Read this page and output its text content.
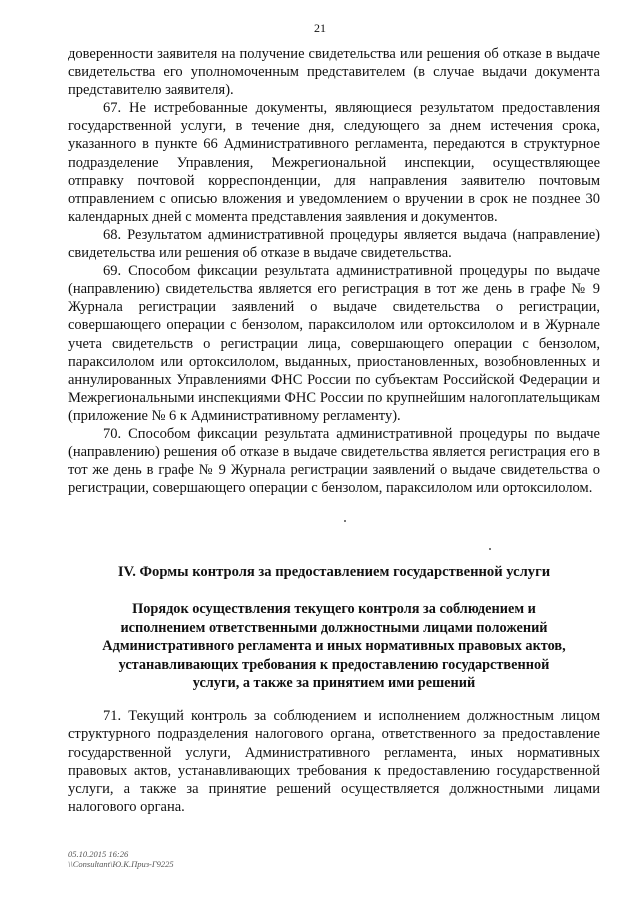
21

доверенности заявителя на получение свидетельства или решения об отказе в выдаче свидетельства его уполномоченным представителем (в случае выдачи документа представителю заявителя).

67. Не истребованные документы, являющиеся результатом предоставления государственной услуги, в течение дня, следующего за днем истечения срока, указанного в пункте 66 Административного регламента, передаются в структурное подразделение Управления, Межрегиональной инспекции, осуществляющее отправку почтовой корреспонденции, для направления заявителю почтовым отправлением с описью вложения и уведомлением о вручении в срок не позднее 30 календарных дней с момента представления заявления и документов.

68. Результатом административной процедуры является выдача (направление) свидетельства или решения об отказе в выдаче свидетельства.

69. Способом фиксации результата административной процедуры по выдаче (направлению) свидетельства является его регистрация в тот же день в графе № 9 Журнала регистрации заявлений о выдаче свидетельства о регистрации, совершающего операции с бензолом, параксилолом или ортоксилолом и в Журнале учета свидетельств о регистрации лица, совершающего операции с бензолом, параксилолом или ортоксилолом, выданных, приостановленных, возобновленных и аннулированных Управлениями ФНС России по субъектам Российской Федерации и Межрегиональными инспекциями ФНС России по крупнейшим налогоплательщикам (приложение № 6 к Административному регламенту).

70. Способом фиксации результата административной процедуры по выдаче (направлению) решения об отказе в выдаче свидетельства является регистрация его в тот же день в графе № 9 Журнала регистрации заявлений о выдаче свидетельства о регистрации, совершающего операции с бензолом, параксилолом или ортоксилолом.

IV. Формы контроля за предоставлением государственной услуги
Порядок осуществления текущего контроля за соблюдением и исполнением ответственными должностными лицами положений Административного регламента и иных нормативных правовых актов, устанавливающих требования к предоставлению государственной услуги, а также за принятием ими решений

71. Текущий контроль за соблюдением и исполнением должностным лицом структурного подразделения налогового органа, ответственного за предоставление государственной услуги, Административного регламента, иных нормативных правовых актов, устанавливающих требования к предоставлению государственной услуги, а также за принятие решений осуществляется должностными лицами налогового органа.

05.10.2015 16:26
\\Consultant\Ю.К.Приз-Г9225
